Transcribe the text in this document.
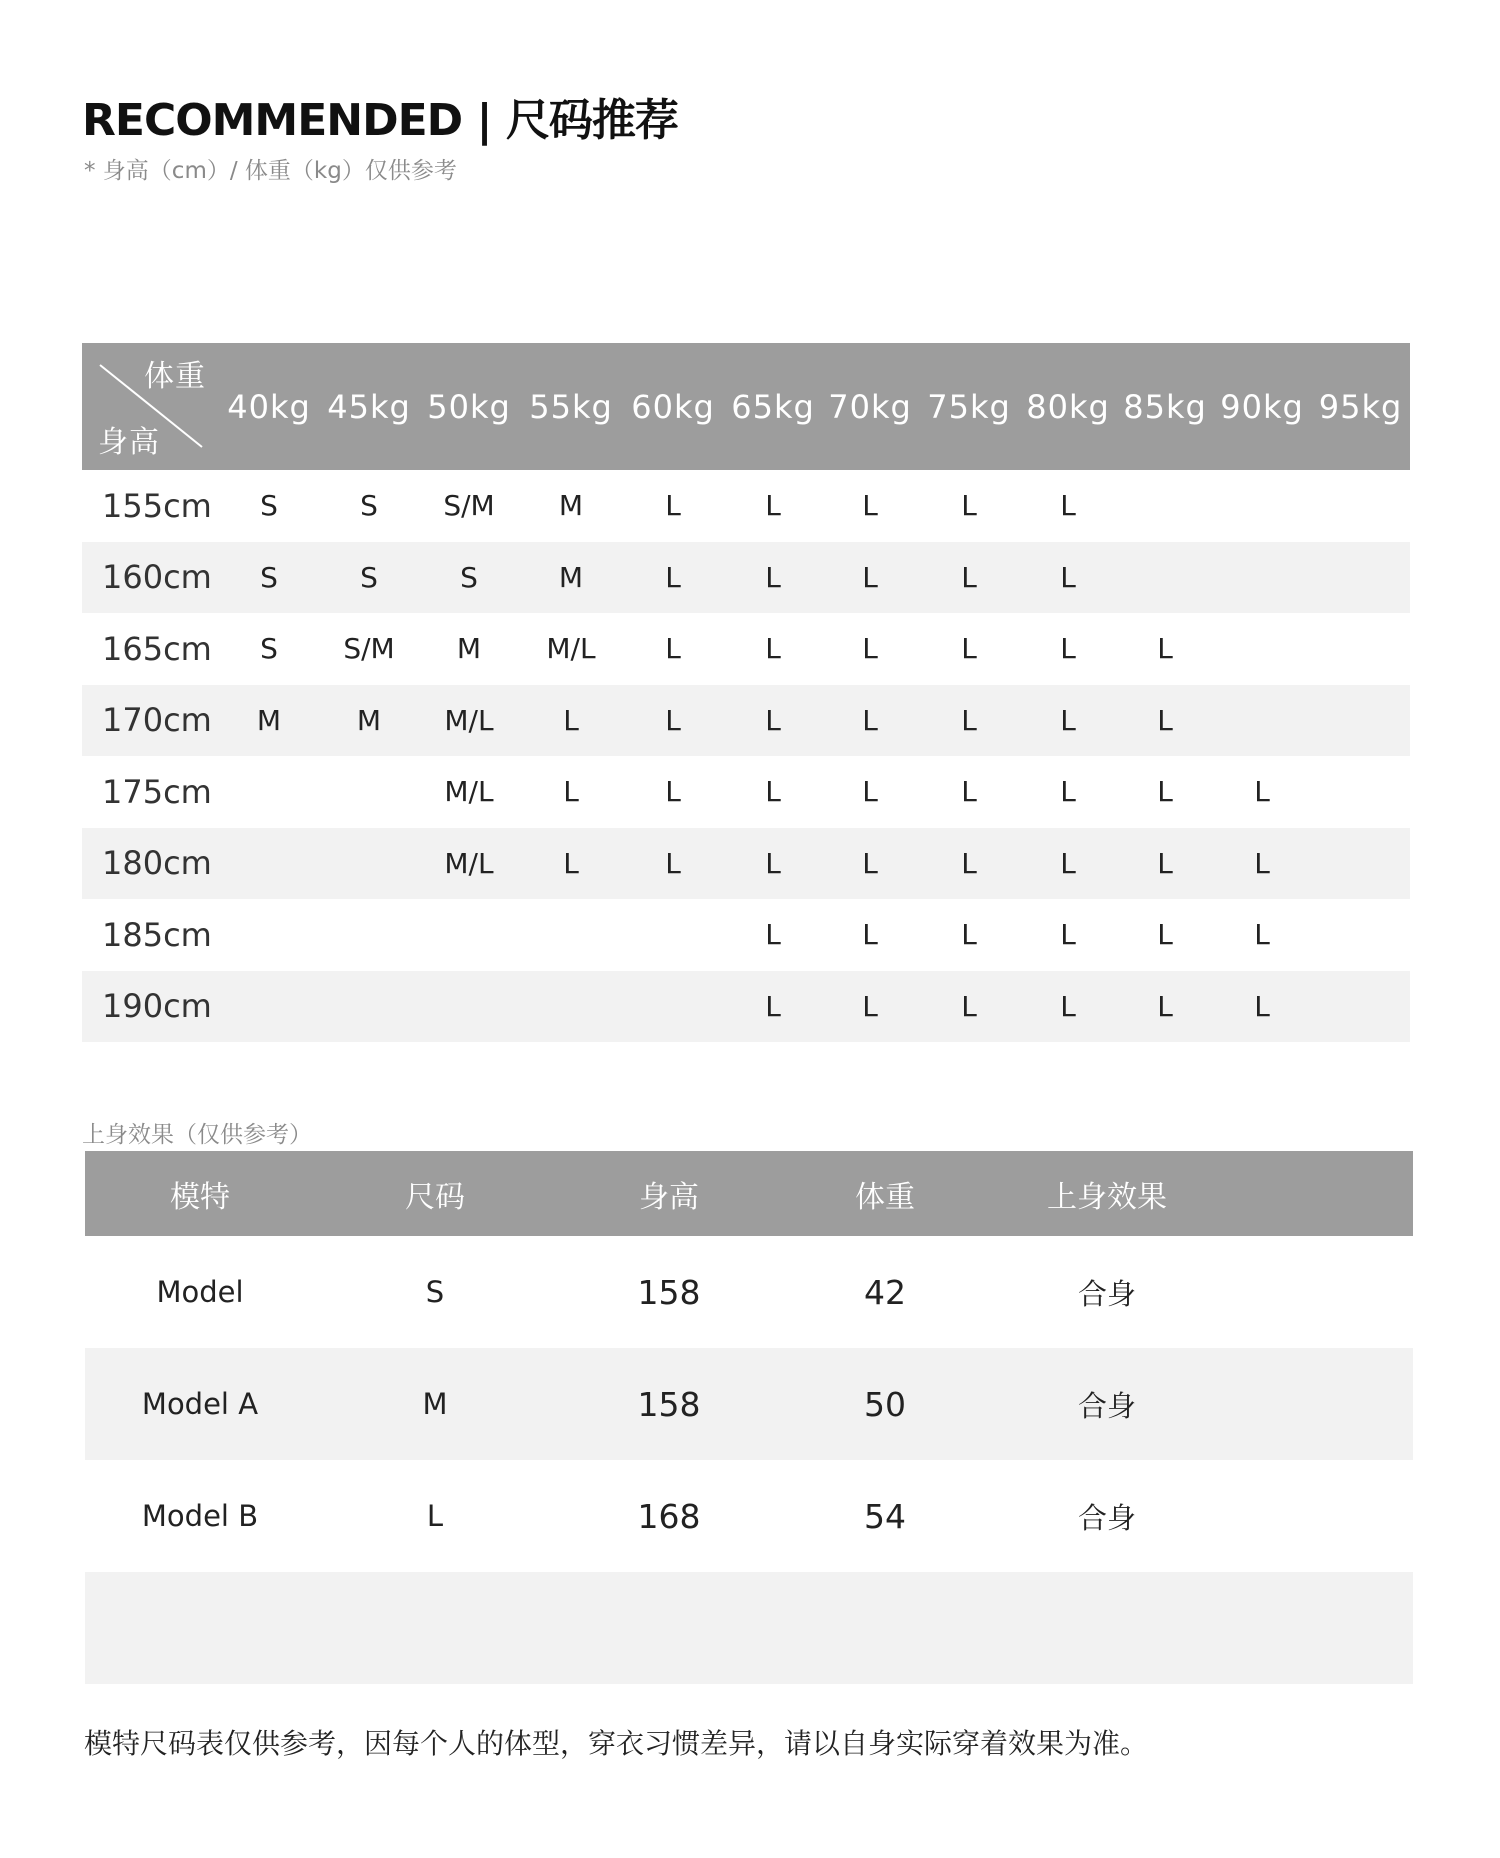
RECOMMENDED | 尺码推荐

* 身高（cm）/ 体重（kg）仅供参考

体重
身高	40kg	45kg	50kg	55kg	60kg	65kg	70kg	75kg	80kg	85kg	90kg	95kg
155cm	S	S	S/M	M	L	L	L	L	L			
160cm	S	S	S	M	L	L	L	L	L			
165cm	S	S/M	M	M/L	L	L	L	L	L	L		
170cm	M	M	M/L	L	L	L	L	L	L	L		
175cm			M/L	L	L	L	L	L	L	L	L	
180cm			M/L	L	L	L	L	L	L	L	L	
185cm						L	L	L	L	L	L	
190cm						L	L	L	L	L	L	

上身效果（仅供参考）

模特	尺码	身高	体重	上身效果	
Model	S	158	42	合身	
Model A	M	158	50	合身	
Model B	L	168	54	合身	

模特尺码表仅供参考，因每个人的体型，穿衣习惯差异，请以自身实际穿着效果为准。
